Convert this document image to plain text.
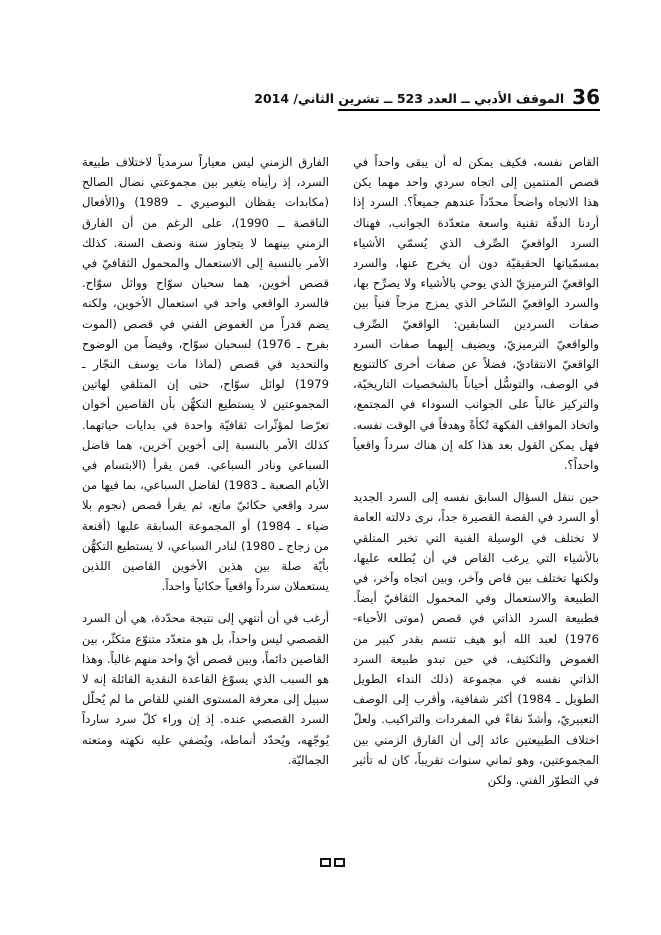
36
الموقف الأدبي ــ العدد 523 ــ تشرين الثاني/ 2014

القاص نفسه، فكيف يمكن له أن يبقى واحداً في قصص المنتمين إلى اتجاه سردي واحد مهما يكن هذا الاتجاه واضحاً محدّداً عندهم جميعاً؟. السرد إذا أردنا الدقّة تقنية واسعة متعدّدة الجوانب، فهناك السرد الواقعيّ الصِّرف الذي يُسمّي الأشياء بمسمّياتها الحقيقيّة دون أن يخرج عنها، والسرد الواقعيّ الترميزيّ الذي يوحي بالأشياء ولا يصرِّح بها، والسرد الواقعيّ السّاخر الذي يمزج مزجاً فنياً بين صفات السردين السابقين: الواقعيّ الصِّرف والواقعيّ الترميزيّ، ويضيف إليهما صفات السرد الواقعيّ الانتقاديّ، فضلاً عن صفات أخرى كالتنويع في الوصف، والتوسُّل أحياناً بالشخصيات التاريخيّة، والتركيز غالباً على الجوانب السوداء في المجتمع، واتخاذ المواقف الفكهة تُكأةً وهدفاً في الوقت نفسه. فهل يمكن القول بعد هذا كله إن هناك سرداً واقعياً واحداً؟.

حين ننقل السؤال السابق نفسه إلى السرد الجديد أو السرد في القصة القصيرة جداً، نرى دلالته العامة لا تختلف في الوسيلة الفنية التي تخبر المتلقي بالأشياء التي يرغب القاص في أن يُطلعه عليها، ولكنها تختلف بين قاص وآخر، وبين اتجاه وآخر، في الطبيعة والاستعمال وفي المحمول الثقافيّ أيضاً. فطبيعة السرد الذاتي في قصص (موتى الأحياء- 1976) لعبد الله أبو هيف تتسم بقدر كبير من الغموض والتكثيف، في حين تبدو طبيعة السرد الذاتي نفسه في مجموعة (ذلك النداء الطويل الطويل ـ 1984) أكثر شفافية، وأقرب إلى الوصف التعبيريّ، وأشدّ نقاءً في المفردات والتراكيب. ولعلّ اختلاف الطبيعتين عائد إلى أن الفارق الزمني بين المجموعتين، وهو ثماني سنوات تقريباً، كان له تأثير في التطوّر الفني. ولكن

الفارق الزمني ليس معياراً سرمدياً لاختلاف طبيعة السرد، إذ رأيناه يتغير بين مجموعتي نضال الصالح (مكابدات يقظان البوصيري ـ 1989) و(الأفعال الناقصة ــ 1990)، على الرغم من أن الفارق الزمني بينهما لا يتجاوز سنة ونصف السنة. كذلك الأمر بالنسبة إلى الاستعمال والمحمول الثقافيّ في قصص أخوين، هما سحبان سوّاح ووائل سوّاح. فالسرد الواقعي واحد في استعمال الأخوين، ولكنه يضم قدراً من الغموض الفني في قصص (الموت بفرح ـ 1976) لسحبان سوّاح، وفيضاً من الوضوح والتحديد في قصص (لماذا مات يوسف النجّار ـ 1979) لوائل سوّاح، حتى إن المتلقي لهاتين المجموعتين لا يستطيع التكهُّن بأن القاصين أخوان تعرّضا لمؤثّرات ثقافيّة واحدة في بدايات حياتهما. كذلك الأمر بالنسبة إلى أخوين آخرين، هما فاضل السباعي ونادر السباعي. فمن يقرأ (الابتسام في الأيام الصعبة ـ 1983) لفاضل السباعي، بما فيها من سرد واقعي حكائيّ ماتع، ثم يقرأ قصص (نجوم بلا ضياء ـ 1984) أو المجموعة السابقة عليها (أقنعة من زجاج ـ 1980) لنادر السباعي، لا يستطيع التكهُّن بأيّة صلة بين هذين الأخوين القاصين اللذين يستعملان سرداً واقعياً حكائياً واحداً.

أرغب في أن أنتهي إلى نتيجة محدّدة، هي أن السرد القصصي ليس واحداً، بل هو متعدّد متنوّع متكثّر، بين القاصين دائماً، وبين قصص أيّ واحد منهم غالباً. وهذا هو السبب الذي يسوّغ القاعدة النقدية القائلة إنه لا سبيل إلى معرفة المستوى الفني للقاص ما لم يُحلّل السرد القصصي عنده. إذ إن وراء كلّ سرد سارداً يُوجّهه، ويُحدّد أنماطه، ويُضفي عليه نكهته ومتعته الجماليّة.
